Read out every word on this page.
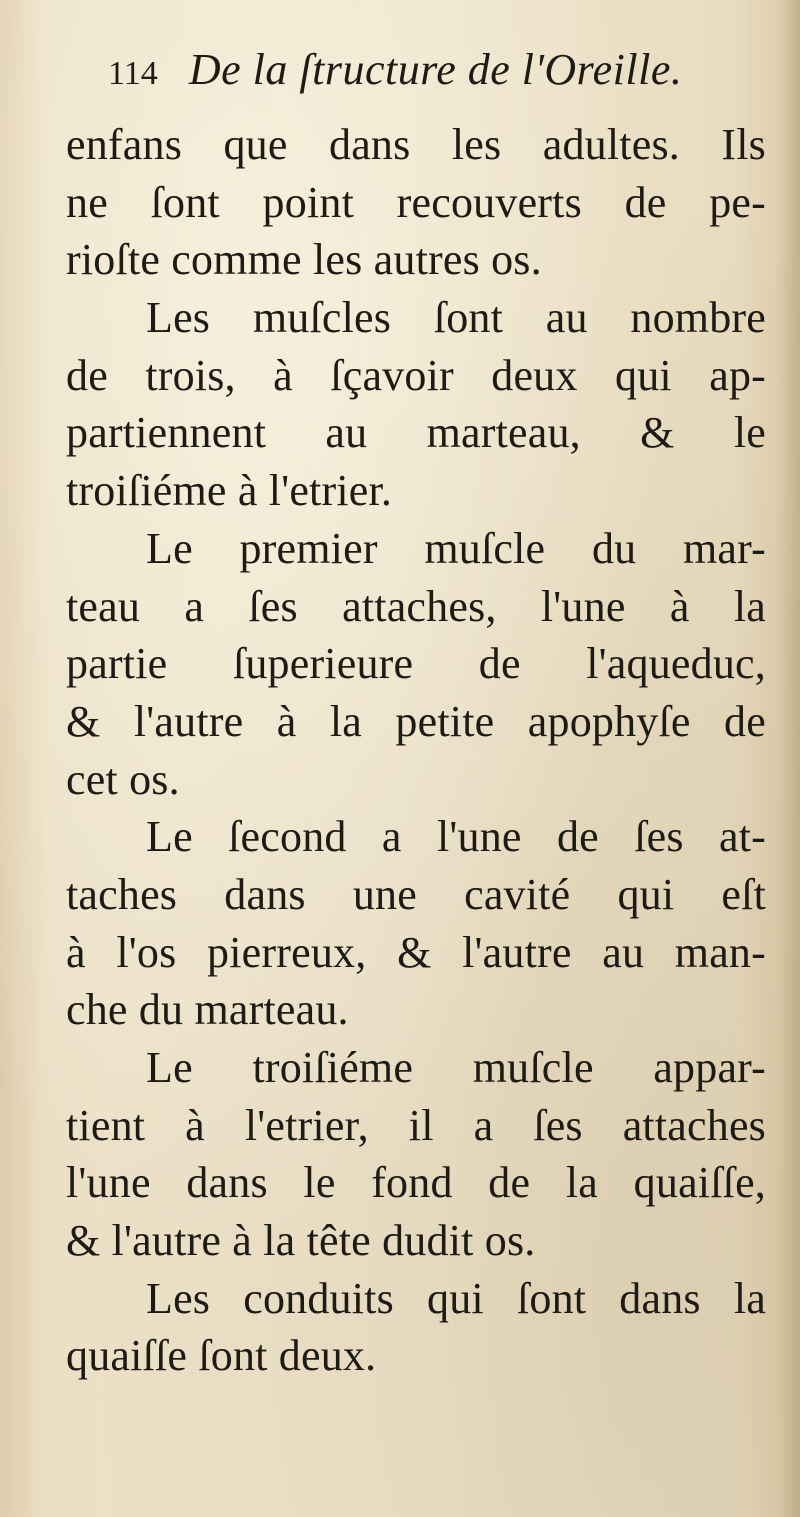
114 De la ſtructure de l'Oreille.
enfans que dans les adultes. Ils
ne ſont point recouverts de pe-
rioſte comme les autres os.
Les muſcles ſont au nombre
de trois, à ſçavoir deux qui ap-
partiennent au marteau, & le
troiſiéme à l'etrier.
Le premier muſcle du mar-
teau a ſes attaches, l'une à la
partie ſuperieure de l'aqueduc,
& l'autre à la petite apophyſe de
cet os.
Le ſecond a l'une de ſes at-
taches dans une cavité qui eſt
à l'os pierreux, & l'autre au man-
che du marteau.
Le troiſiéme muſcle appar-
tient à l'etrier, il a ſes attaches
l'une dans le fond de la quaiſſe,
& l'autre à la tête dudit os.
Les conduits qui ſont dans la
quaiſſe ſont deux.
